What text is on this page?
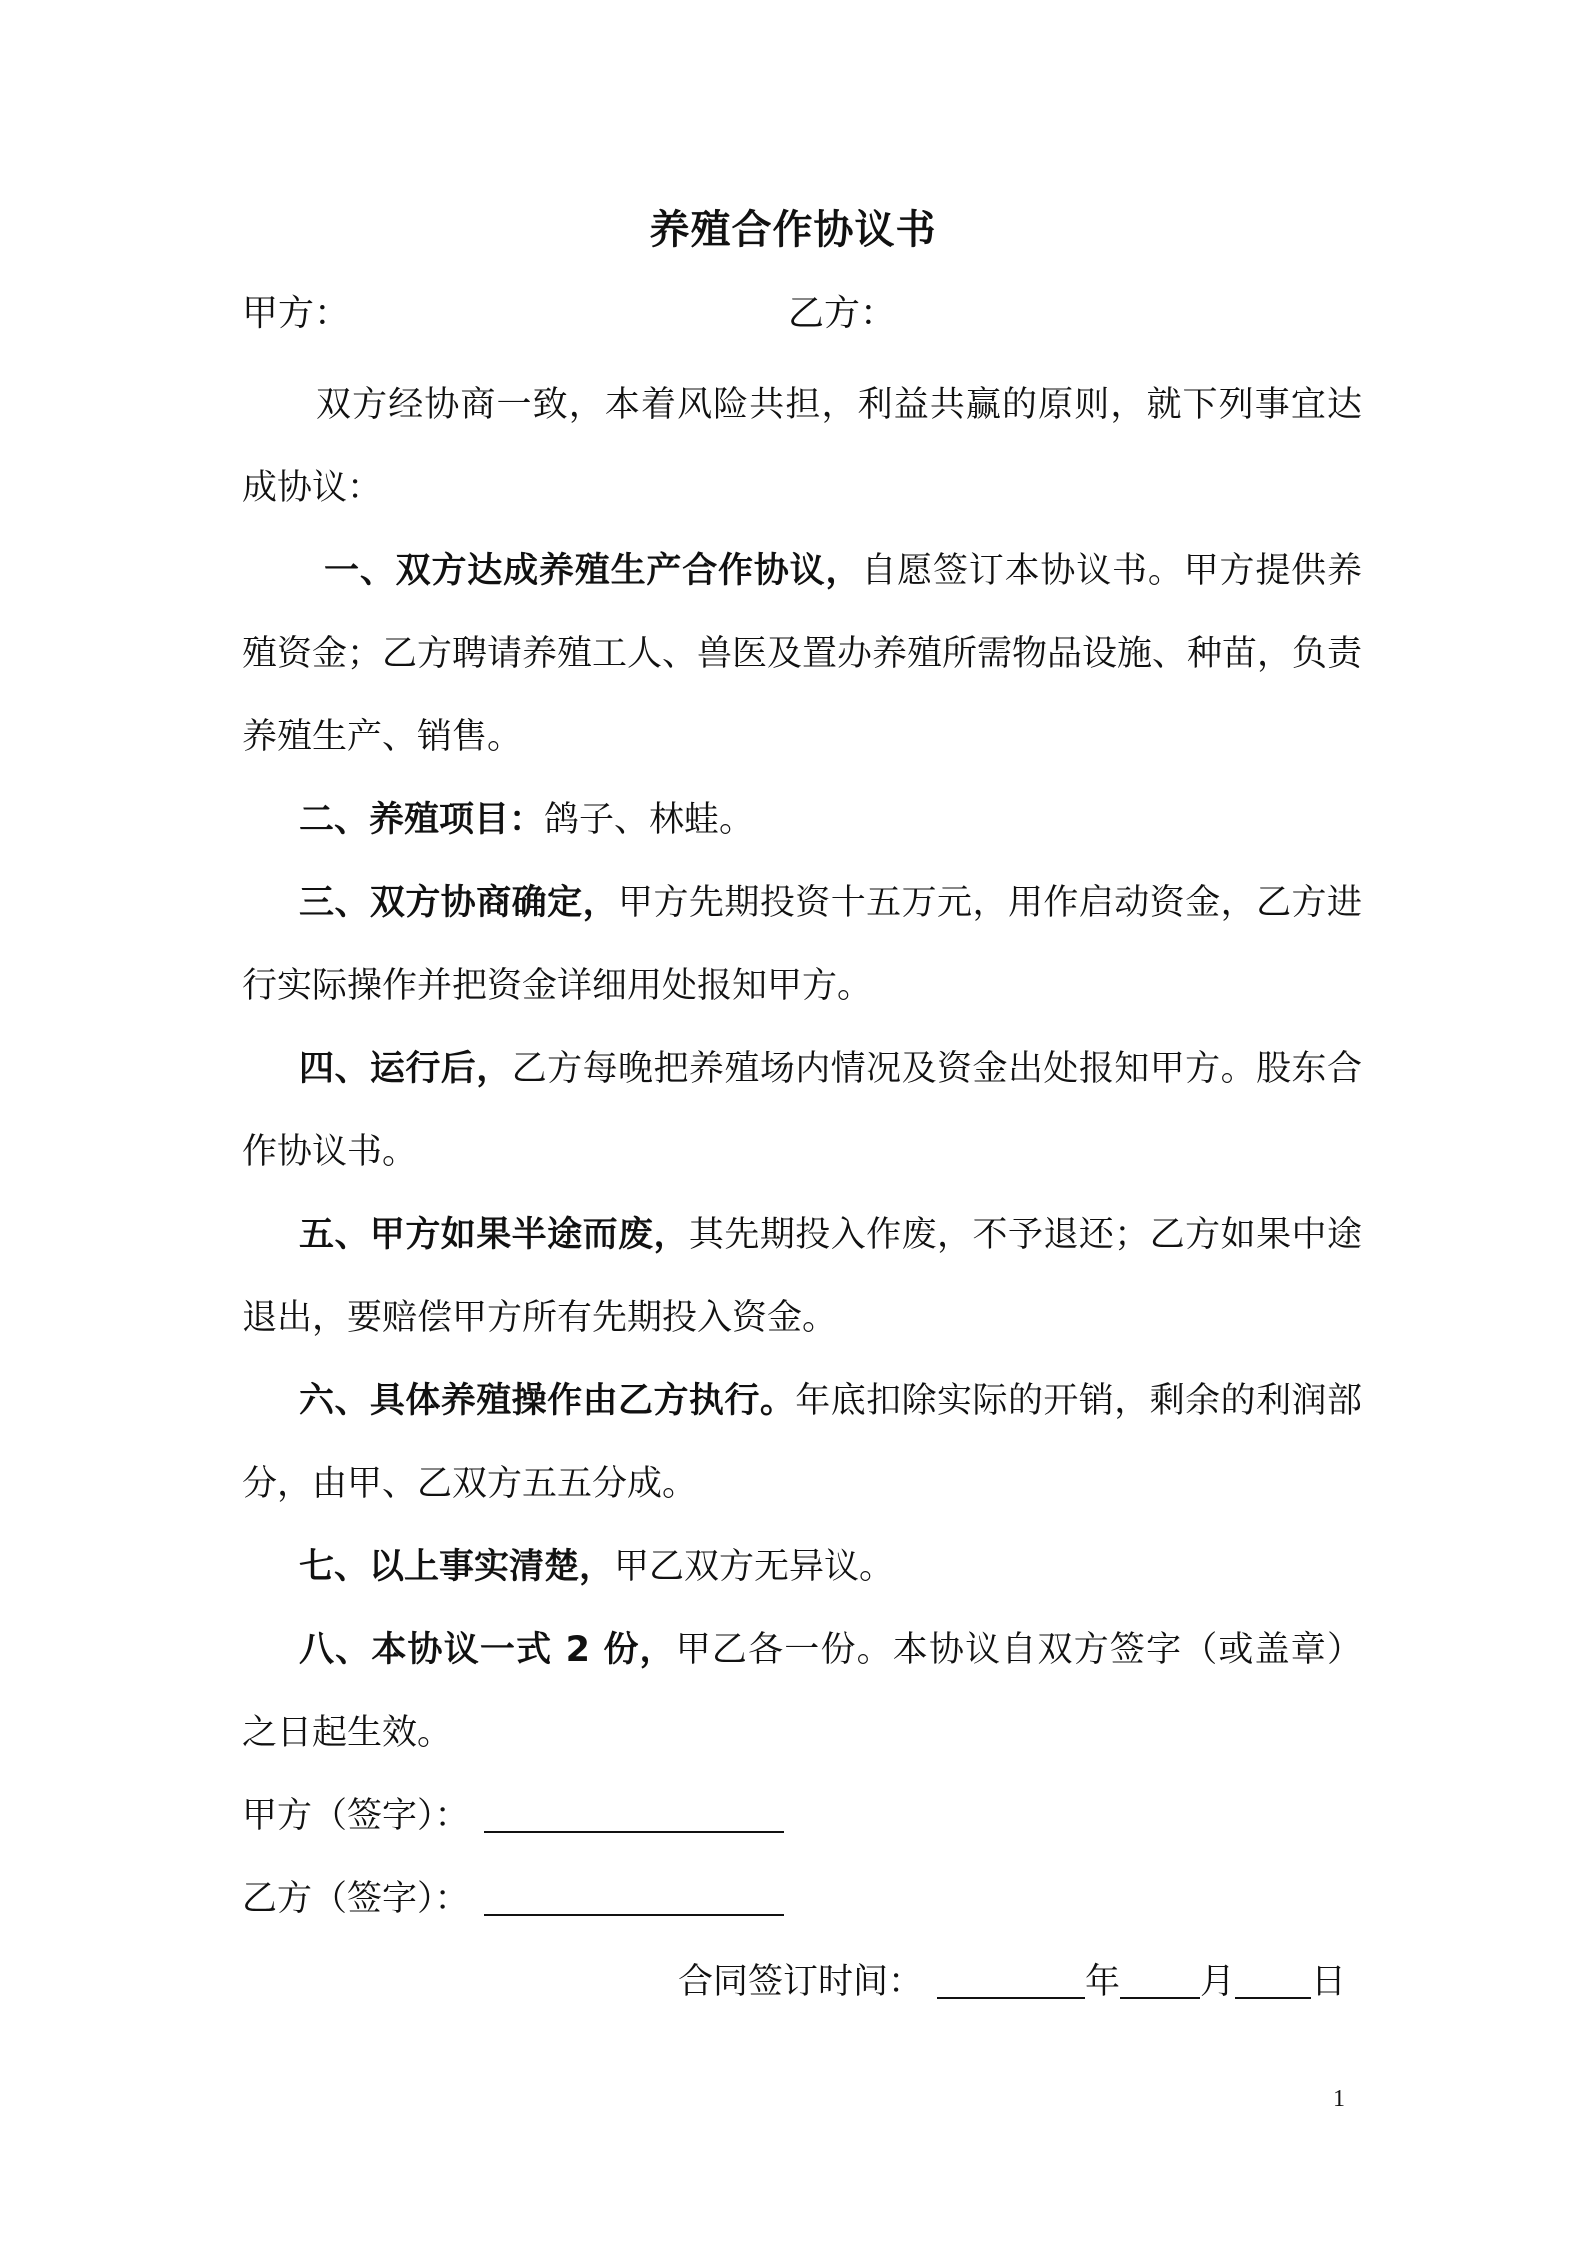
养殖合作协议书
甲方：	乙方：

双方经协商一致，本着风险共担，利益共赢的原则，就下列事宜达成协议：

一、双方达成养殖生产合作协议，自愿签订本协议书。甲方提供养殖资金；乙方聘请养殖工人、兽医及置办养殖所需物品设施、种苗，负责养殖生产、销售。

二、养殖项目：鸽子、林蛙。

三、双方协商确定，甲方先期投资十五万元，用作启动资金，乙方进行实际操作并把资金详细用处报知甲方。

四、运行后，乙方每晚把养殖场内情况及资金出处报知甲方。股东合作协议书。

五、甲方如果半途而废，其先期投入作废，不予退还；乙方如果中途退出，要赔偿甲方所有先期投入资金。

六、具体养殖操作由乙方执行。年底扣除实际的开销，剩余的利润部分，由甲、乙双方五五分成。

七、以上事实清楚，甲乙双方无异议。

八、本协议一式 2 份，甲乙各一份。本协议自双方签字（或盖章）之日起生效。

甲方（签字）：

乙方（签字）：

合同签订时间：	年 月 日

1
